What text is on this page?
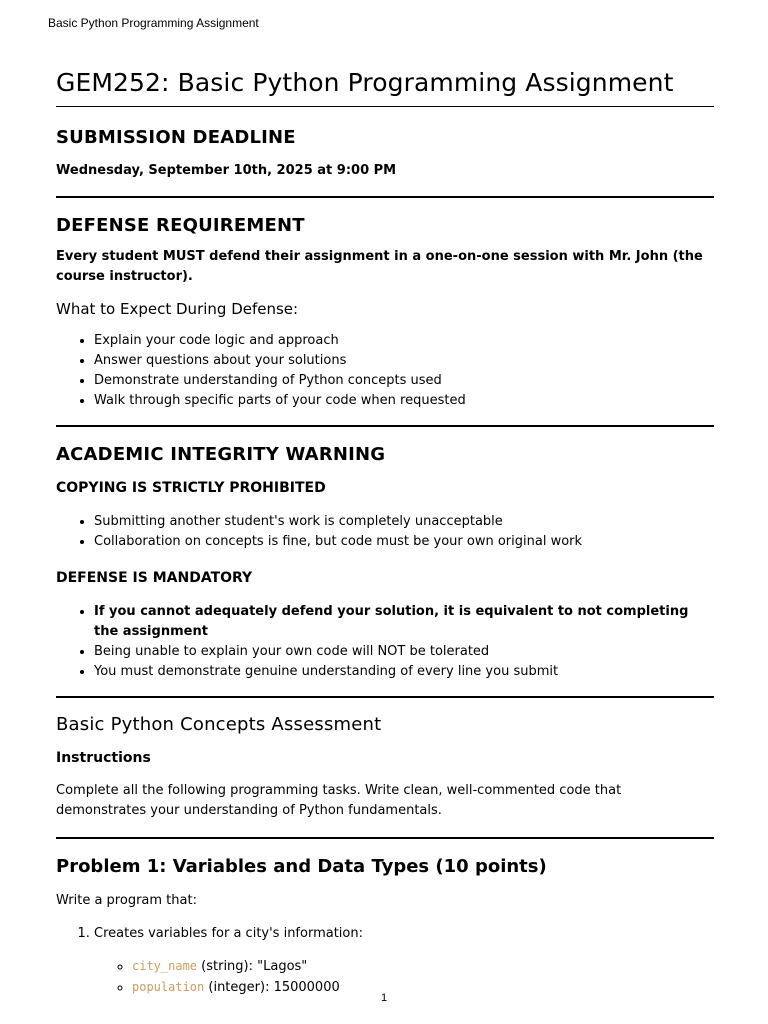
Basic Python Programming Assignment
GEM252: Basic Python Programming Assignment
SUBMISSION DEADLINE

Wednesday, September 10th, 2025 at 9:00 PM

DEFENSE REQUIREMENT

Every student MUST defend their assignment in a one-on-one session with Mr. John (the course instructor).

What to Expect During Defense:
• Explain your code logic and approach
• Answer questions about your solutions
• Demonstrate understanding of Python concepts used
• Walk through specific parts of your code when requested
ACADEMIC INTEGRITY WARNING
COPYING IS STRICTLY PROHIBITED
• Submitting another student's work is completely unacceptable
• Collaboration on concepts is fine, but code must be your own original work
DEFENSE IS MANDATORY
• If you cannot adequately defend your solution, it is equivalent to not completing the assignment
• Being unable to explain your own code will NOT be tolerated
• You must demonstrate genuine understanding of every line you submit
Basic Python Concepts Assessment
Instructions

Complete all the following programming tasks. Write clean, well-commented code that demonstrates your understanding of Python fundamentals.

Problem 1: Variables and Data Types (10 points)

Write a program that:

1. Creates variables for a city's information:
◦ city_name (string): "Lagos"
◦ population (integer): 15000000
1
